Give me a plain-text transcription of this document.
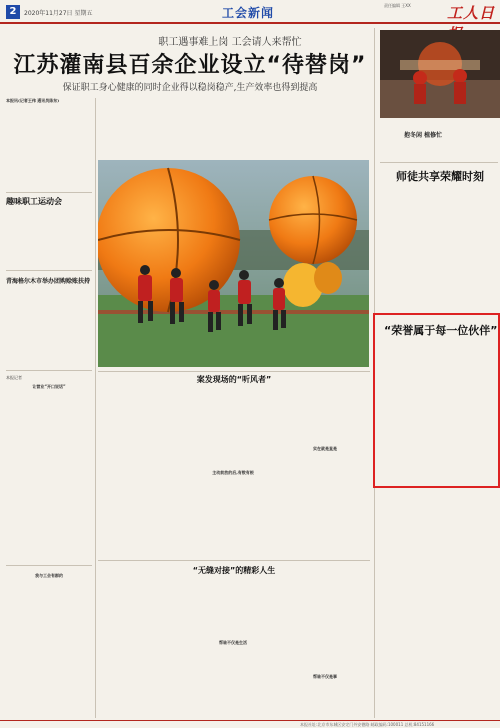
2	2020年11月27日 星期五	工会新闻
责任编辑 王XX 工人日
职工遇事难上岗 工会请人来帮忙
江苏灌南县百余企业设立“待替岗”
保证职工身心健康的同时企业得以稳岗稳产,生产效率也得到提高
本报讯(记者王伟 通讯员陈东)
趣味职工运动会
青海格尔木市举办团购赊账扶持
本报记者
让营业“开口说话”
我与工会有群约
案发现场的“听风者”
主动前放的后,有数有根
实在就是直是
“无缝对接”的精彩人生
帮谁不仅是生活
帮谁不仅是事
抱冬闲 植修忙
师徒共享荣耀时刻
“荣誉属于每一位伙伴”
本报社址:北京市东城区安定门外安德路 邮政编码:100011 总机:84151166
